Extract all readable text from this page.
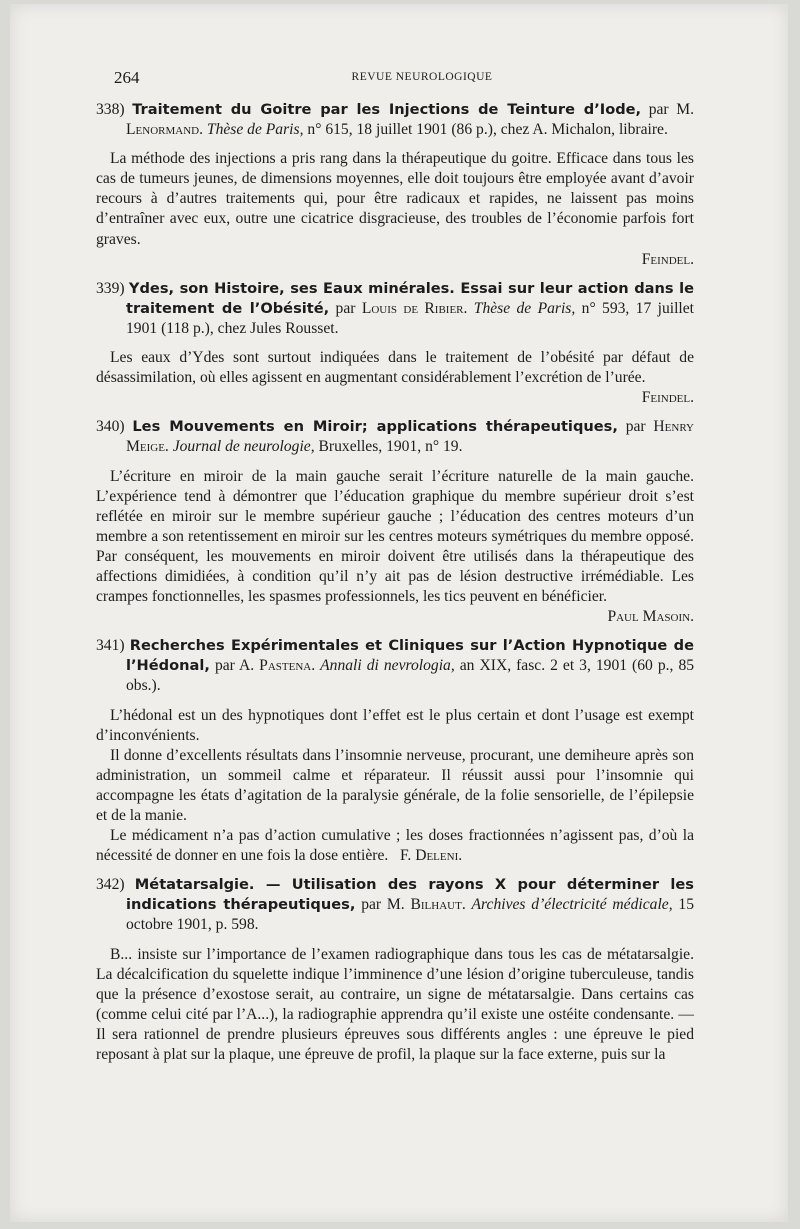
264	REVUE NEUROLOGIQUE
338) Traitement du Goitre par les Injections de Teinture d’Iode, par M. Lenormand. Thèse de Paris, n° 615, 18 juillet 1901 (86 p.), chez A. Michalon, libraire.

La méthode des injections a pris rang dans la thérapeutique du goitre. Efficace dans tous les cas de tumeurs jeunes, de dimensions moyennes, elle doit toujours être employée avant d’avoir recours à d’autres traitements qui, pour être radicaux et rapides, ne laissent pas moins d’entraîner avec eux, outre une cicatrice disgracieuse, des troubles de l’économie parfois fort graves.

Feindel.
339) Ydes, son Histoire, ses Eaux minérales. Essai sur leur action dans le traitement de l’Obésité, par Louis de Ribier. Thèse de Paris, n° 593, 17 juillet 1901 (118 p.), chez Jules Rousset.

Les eaux d’Ydes sont surtout indiquées dans le traitement de l’obésité par défaut de désassimilation, où elles agissent en augmentant considérablement l’excrétion de l’urée.

Feindel.
340) Les Mouvements en Miroir; applications thérapeutiques, par Henry Meige. Journal de neurologie, Bruxelles, 1901, n° 19.

L’écriture en miroir de la main gauche serait l’écriture naturelle de la main gauche. L’expérience tend à démontrer que l’éducation graphique du membre supérieur droit s’est reflétée en miroir sur le membre supérieur gauche ; l’éducation des centres moteurs d’un membre a son retentissement en miroir sur les centres moteurs symétriques du membre opposé. Par conséquent, les mouvements en miroir doivent être utilisés dans la thérapeutique des affections dimidiées, à condition qu’il n’y ait pas de lésion destructive irrémédiable. Les crampes fonctionnelles, les spasmes professionnels, les tics peuvent en bénéficier.

Paul Masoin.
341) Recherches Expérimentales et Cliniques sur l’Action Hypnotique de l’Hédonal, par A. Pastena. Annali di nevrologia, an XIX, fasc. 2 et 3, 1901 (60 p., 85 obs.).

L’hédonal est un des hypnotiques dont l’effet est le plus certain et dont l’usage est exempt d’inconvénients.

Il donne d’excellents résultats dans l’insomnie nerveuse, procurant, une demiheure après son administration, un sommeil calme et réparateur. Il réussit aussi pour l’insomnie qui accompagne les états d’agitation de la paralysie générale, de la folie sensorielle, de l’épilepsie et de la manie.

Le médicament n’a pas d’action cumulative ; les doses fractionnées n’agissent pas, d’où la nécessité de donner en une fois la dose entière. F. Deleni.

342) Métatarsalgie. — Utilisation des rayons X pour déterminer les indications thérapeutiques, par M. Bilhaut. Archives d’électricité médicale, 15 octobre 1901, p. 598.

B... insiste sur l’importance de l’examen radiographique dans tous les cas de métatarsalgie. La décalcification du squelette indique l’imminence d’une lésion d’origine tuberculeuse, tandis que la présence d’exostose serait, au contraire, un signe de métatarsalgie. Dans certains cas (comme celui cité par l’A...), la radiographie apprendra qu’il existe une ostéite condensante. — Il sera rationnel de prendre plusieurs épreuves sous différents angles : une épreuve le pied reposant à plat sur la plaque, une épreuve de profil, la plaque sur la face externe, puis sur la
